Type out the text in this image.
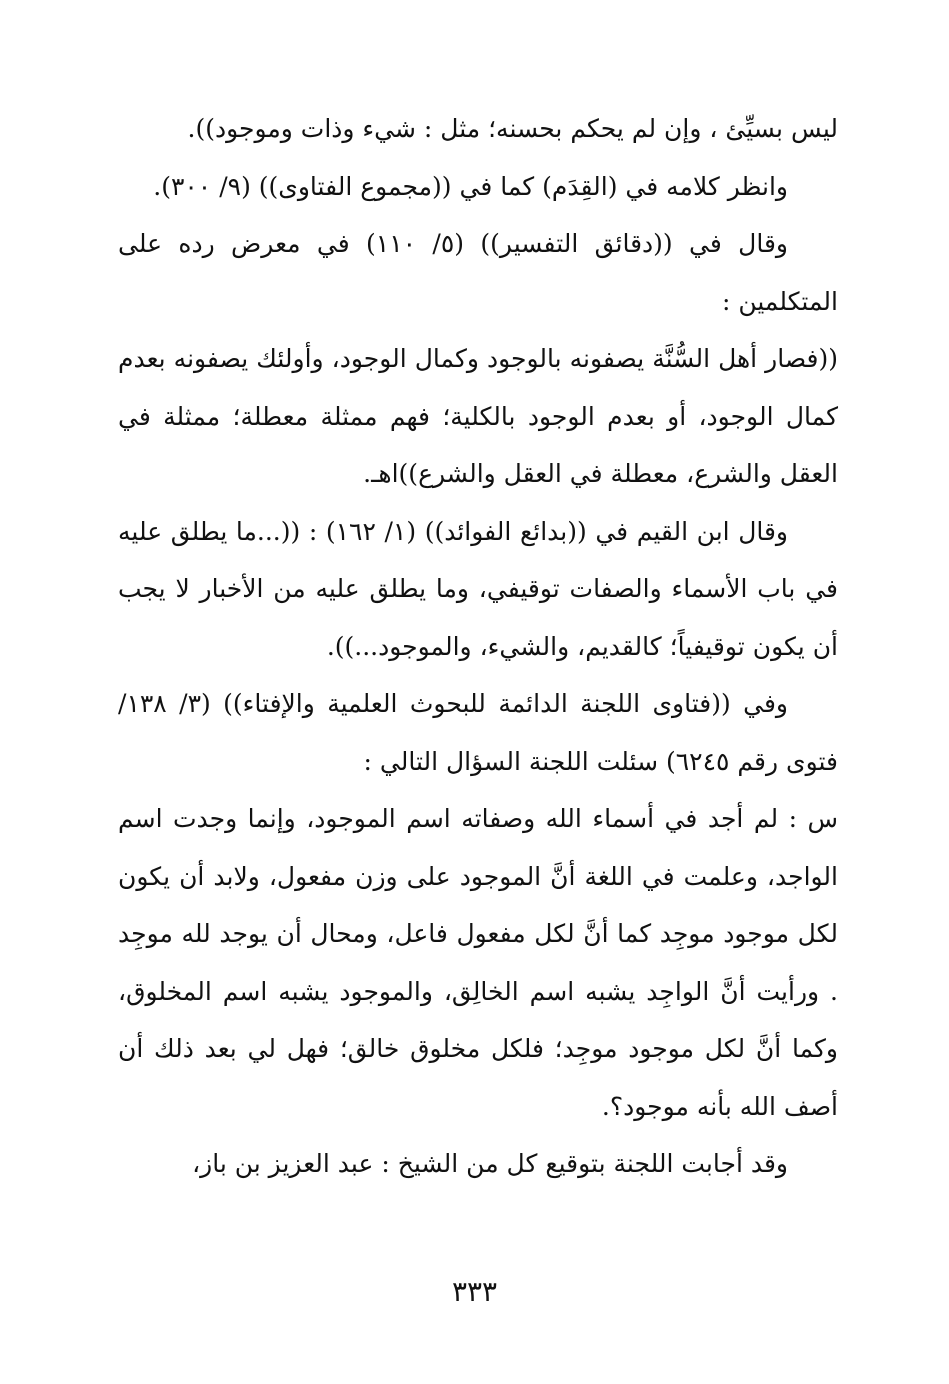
ليس بسيِّئ ، وإن لم يحكم بحسنه؛ مثل : شيء وذات وموجود)).

وانظر كلامه في (القِدَم) كما في ((مجموع الفتاوى)) (٩/ ٣٠٠).

وقال في ((دقائق التفسير)) (٥/ ١١٠) في معرض رده على المتكلمين :

((فصار أهل السُّنَّة يصفونه بالوجود وكمال الوجود، وأولئك يصفونه بعدم كمال الوجود، أو بعدم الوجود بالكلية؛ فهم ممثلة معطلة؛ ممثلة في العقل والشرع، معطلة في العقل والشرع))اهـ.

وقال ابن القيم في ((بدائع الفوائد)) (١/ ١٦٢) : ((...ما يطلق عليه في باب الأسماء والصفات توقيفي، وما يطلق عليه من الأخبار لا يجب أن يكون توقيفياً؛ كالقديم، والشيء، والموجود...)).

وفي ((فتاوى اللجنة الدائمة للبحوث العلمية والإفتاء)) (٣/ ١٣٨/ فتوى رقم ٦٢٤٥) سئلت اللجنة السؤال التالي :

س : لم أجد في أسماء الله وصفاته اسم الموجود، وإنما وجدت اسم الواجد، وعلمت في اللغة أنَّ الموجود على وزن مفعول، ولابد أن يكون لكل موجود موجِد كما أنَّ لكل مفعول فاعل، ومحال أن يوجد لله موجِد . ورأيت أنَّ الواجِد يشبه اسم الخالِق، والموجود يشبه اسم المخلوق، وكما أنَّ لكل موجود موجِد؛ فلكل مخلوق خالق؛ فهل لي بعد ذلك أن أصف الله بأنه موجود؟.

وقد أجابت اللجنة بتوقيع كل من الشيخ : عبد العزيز بن باز،

٣٣٣
